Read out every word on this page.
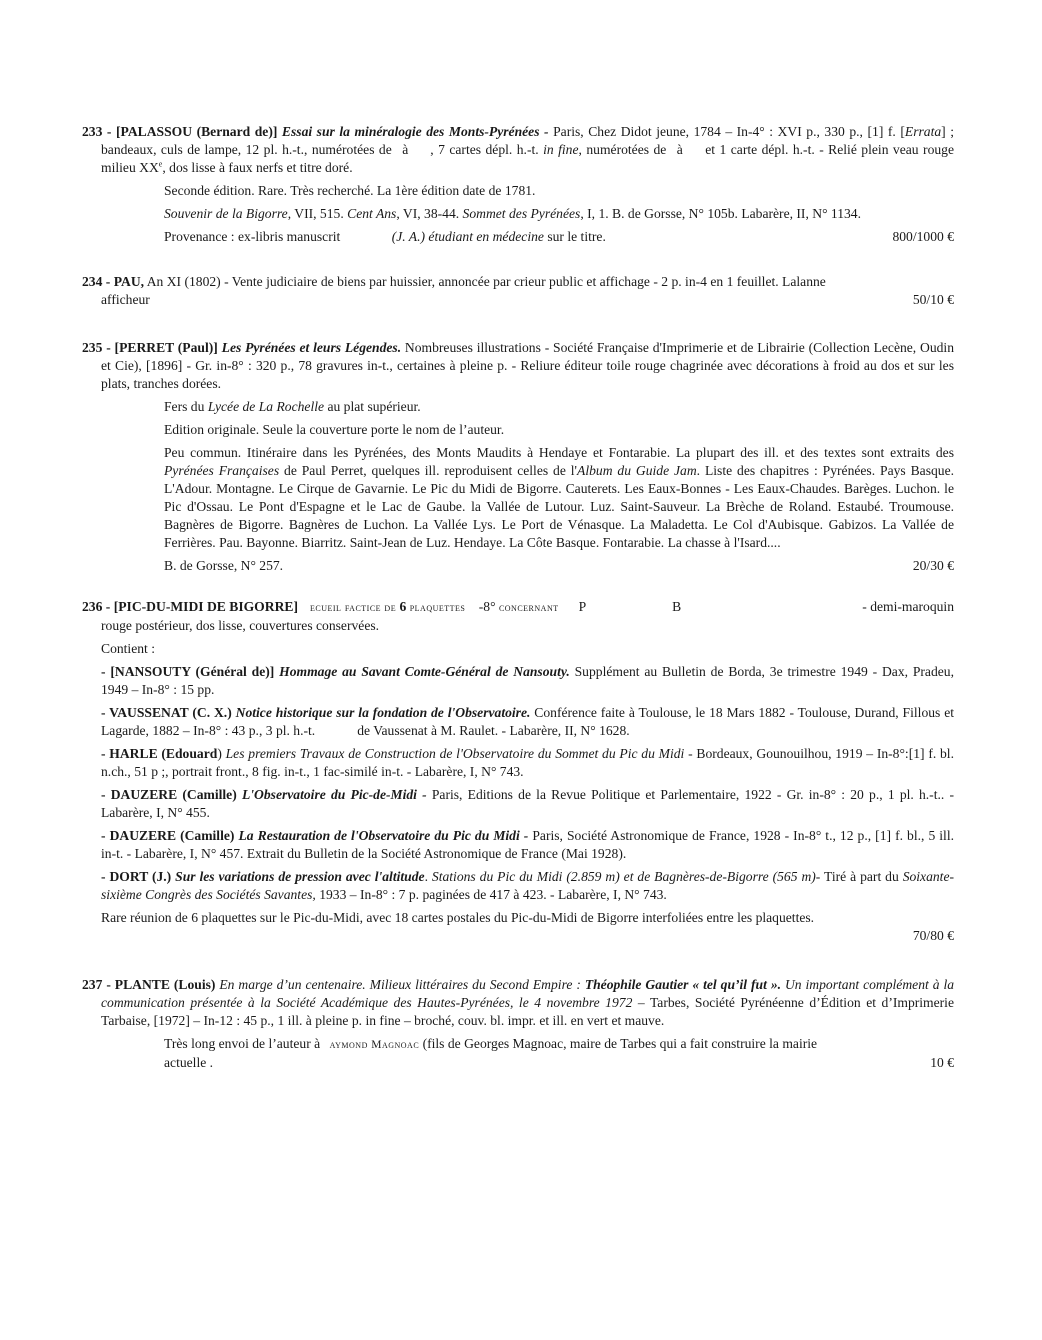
233 - [PALASSOU (Bernard de)] Essai sur la minéralogie des Monts-Pyrénées - Paris, Chez Didot jeune, 1784 – In-4° : XVI p., 330 p., [1] f. [Errata] ; bandeaux, culs de lampe, 12 pl. h.-t., numérotées de à , 7 cartes dépl. h.-t. in fine, numérotées de à et 1 carte dépl. h.-t. - Relié plein veau rouge milieu XXe, dos lisse à faux nerfs et titre doré.

Seconde édition. Rare. Très recherché. La 1ère édition date de 1781.

Souvenir de la Bigorre, VII, 515. Cent Ans, VI, 38-44. Sommet des Pyrénées, I, 1. B. de Gorsse, N° 105b. Labarère, II, N° 1134.

Provenance : ex-libris manuscrit	(J. A.) étudiant en médecine sur le titre.	800/1000 €

234 - PAU, An XI (1802) - Vente judiciaire de biens par huissier, annoncée par crieur public et affichage - 2 p. in-4 en 1 feuillet. Lalanne

afficheur	50/10 €

235 - [PERRET (Paul)] Les Pyrénées et leurs Légendes. Nombreuses illustrations - Société Française d'Imprimerie et de Librairie (Collection Lecène, Oudin et Cie), [1896] - Gr. in-8° : 320 p., 78 gravures in-t., certaines à pleine p. - Reliure éditeur toile rouge chagrinée avec décorations à froid au dos et sur les plats, tranches dorées.

Fers du Lycée de La Rochelle au plat supérieur.

Edition originale. Seule la couverture porte le nom de l’auteur.

Peu commun. Itinéraire dans les Pyrénées, des Monts Maudits à Hendaye et Fontarabie. La plupart des ill. et des textes sont extraits des Pyrénées Françaises de Paul Perret, quelques ill. reproduisent celles de l'Album du Guide Jam. Liste des chapitres : Pyrénées. Pays Basque. L'Adour. Montagne. Le Cirque de Gavarnie. Le Pic du Midi de Bigorre. Cauterets. Les Eaux-Bonnes - Les Eaux-Chaudes. Barèges. Luchon. le Pic d'Ossau. Le Pont d'Espagne et le Lac de Gaube. la Vallée de Lutour. Luz. Saint-Sauveur. La Brèche de Roland. Estaubé. Troumouse. Bagnères de Bigorre. Bagnères de Luchon. La Vallée Lys. Le Port de Vénasque. La Maladetta. Le Col d'Aubisque. Gabizos. La Vallée de Ferrières. Pau. Bayonne. Biarritz. Saint-Jean de Luz. Hendaye. La Côte Basque. Fontarabie. La chasse à l'Isard....

B. de Gorsse, N° 257.	20/30 €

236 - [PIC-DU-MIDI DE BIGORRE] ecueil factice de 6 plaquettes -8° concernant P	B	- demi-maroquin

rouge postérieur, dos lisse, couvertures conservées.

Contient :

- [NANSOUTY (Général de)] Hommage au Savant Comte-Général de Nansouty. Supplément au Bulletin de Borda, 3e trimestre 1949 - Dax, Pradeu, 1949 – In-8° : 15 pp.

- VAUSSENAT (C. X.) Notice historique sur la fondation de l'Observatoire. Conférence faite à Toulouse, le 18 Mars 1882 - Toulouse, Durand, Fillous et Lagarde, 1882 – In-8° : 43 p., 3 pl. h.-t.	de Vaussenat à M. Raulet. - Labarère, II, N° 1628.

- HARLE (Edouard) Les premiers Travaux de Construction de l'Observatoire du Sommet du Pic du Midi - Bordeaux, Gounouilhou, 1919 – In-8°:[1] f. bl. n.ch., 51 p ;, portrait front., 8 fig. in-t., 1 fac-similé in-t. - Labarère, I, N° 743.

- DAUZERE (Camille) L'Observatoire du Pic-de-Midi - Paris, Editions de la Revue Politique et Parlementaire, 1922 - Gr. in-8° : 20 p., 1 pl. h.-t.. - Labarère, I, N° 455.

- DAUZERE (Camille) La Restauration de l'Observatoire du Pic du Midi - Paris, Société Astronomique de France, 1928 - In-8° t., 12 p., [1] f. bl., 5 ill. in-t. - Labarère, I, N° 457. Extrait du Bulletin de la Société Astronomique de France (Mai 1928).

- DORT (J.) Sur les variations de pression avec l'altitude. Stations du Pic du Midi (2.859 m) et de Bagnères-de-Bigorre (565 m)- Tiré à part du Soixante-sixième Congrès des Sociétés Savantes, 1933 – In-8° : 7 p. paginées de 417 à 423. - Labarère, I, N° 743.

Rare réunion de 6 plaquettes sur le Pic-du-Midi, avec 18 cartes postales du Pic-du-Midi de Bigorre interfoliées entre les plaquettes.

70/80 €

237 - PLANTE (Louis) En marge d’un centenaire. Milieux littéraires du Second Empire : Théophile Gautier « tel qu’il fut ». Un important complément à la communication présentée à la Société Académique des Hautes-Pyrénées, le 4 novembre 1972 – Tarbes, Société Pyrénéenne d’Édition et d’Imprimerie Tarbaise, [1972] – In-12 : 45 p., 1 ill. à pleine p. in fine – broché, couv. bl. impr. et ill. en vert et mauve.

Très long envoi de l’auteur à aymond Magnoac (fils de Georges Magnoac, maire de Tarbes qui a fait construire la mairie

actuelle .	10 €
